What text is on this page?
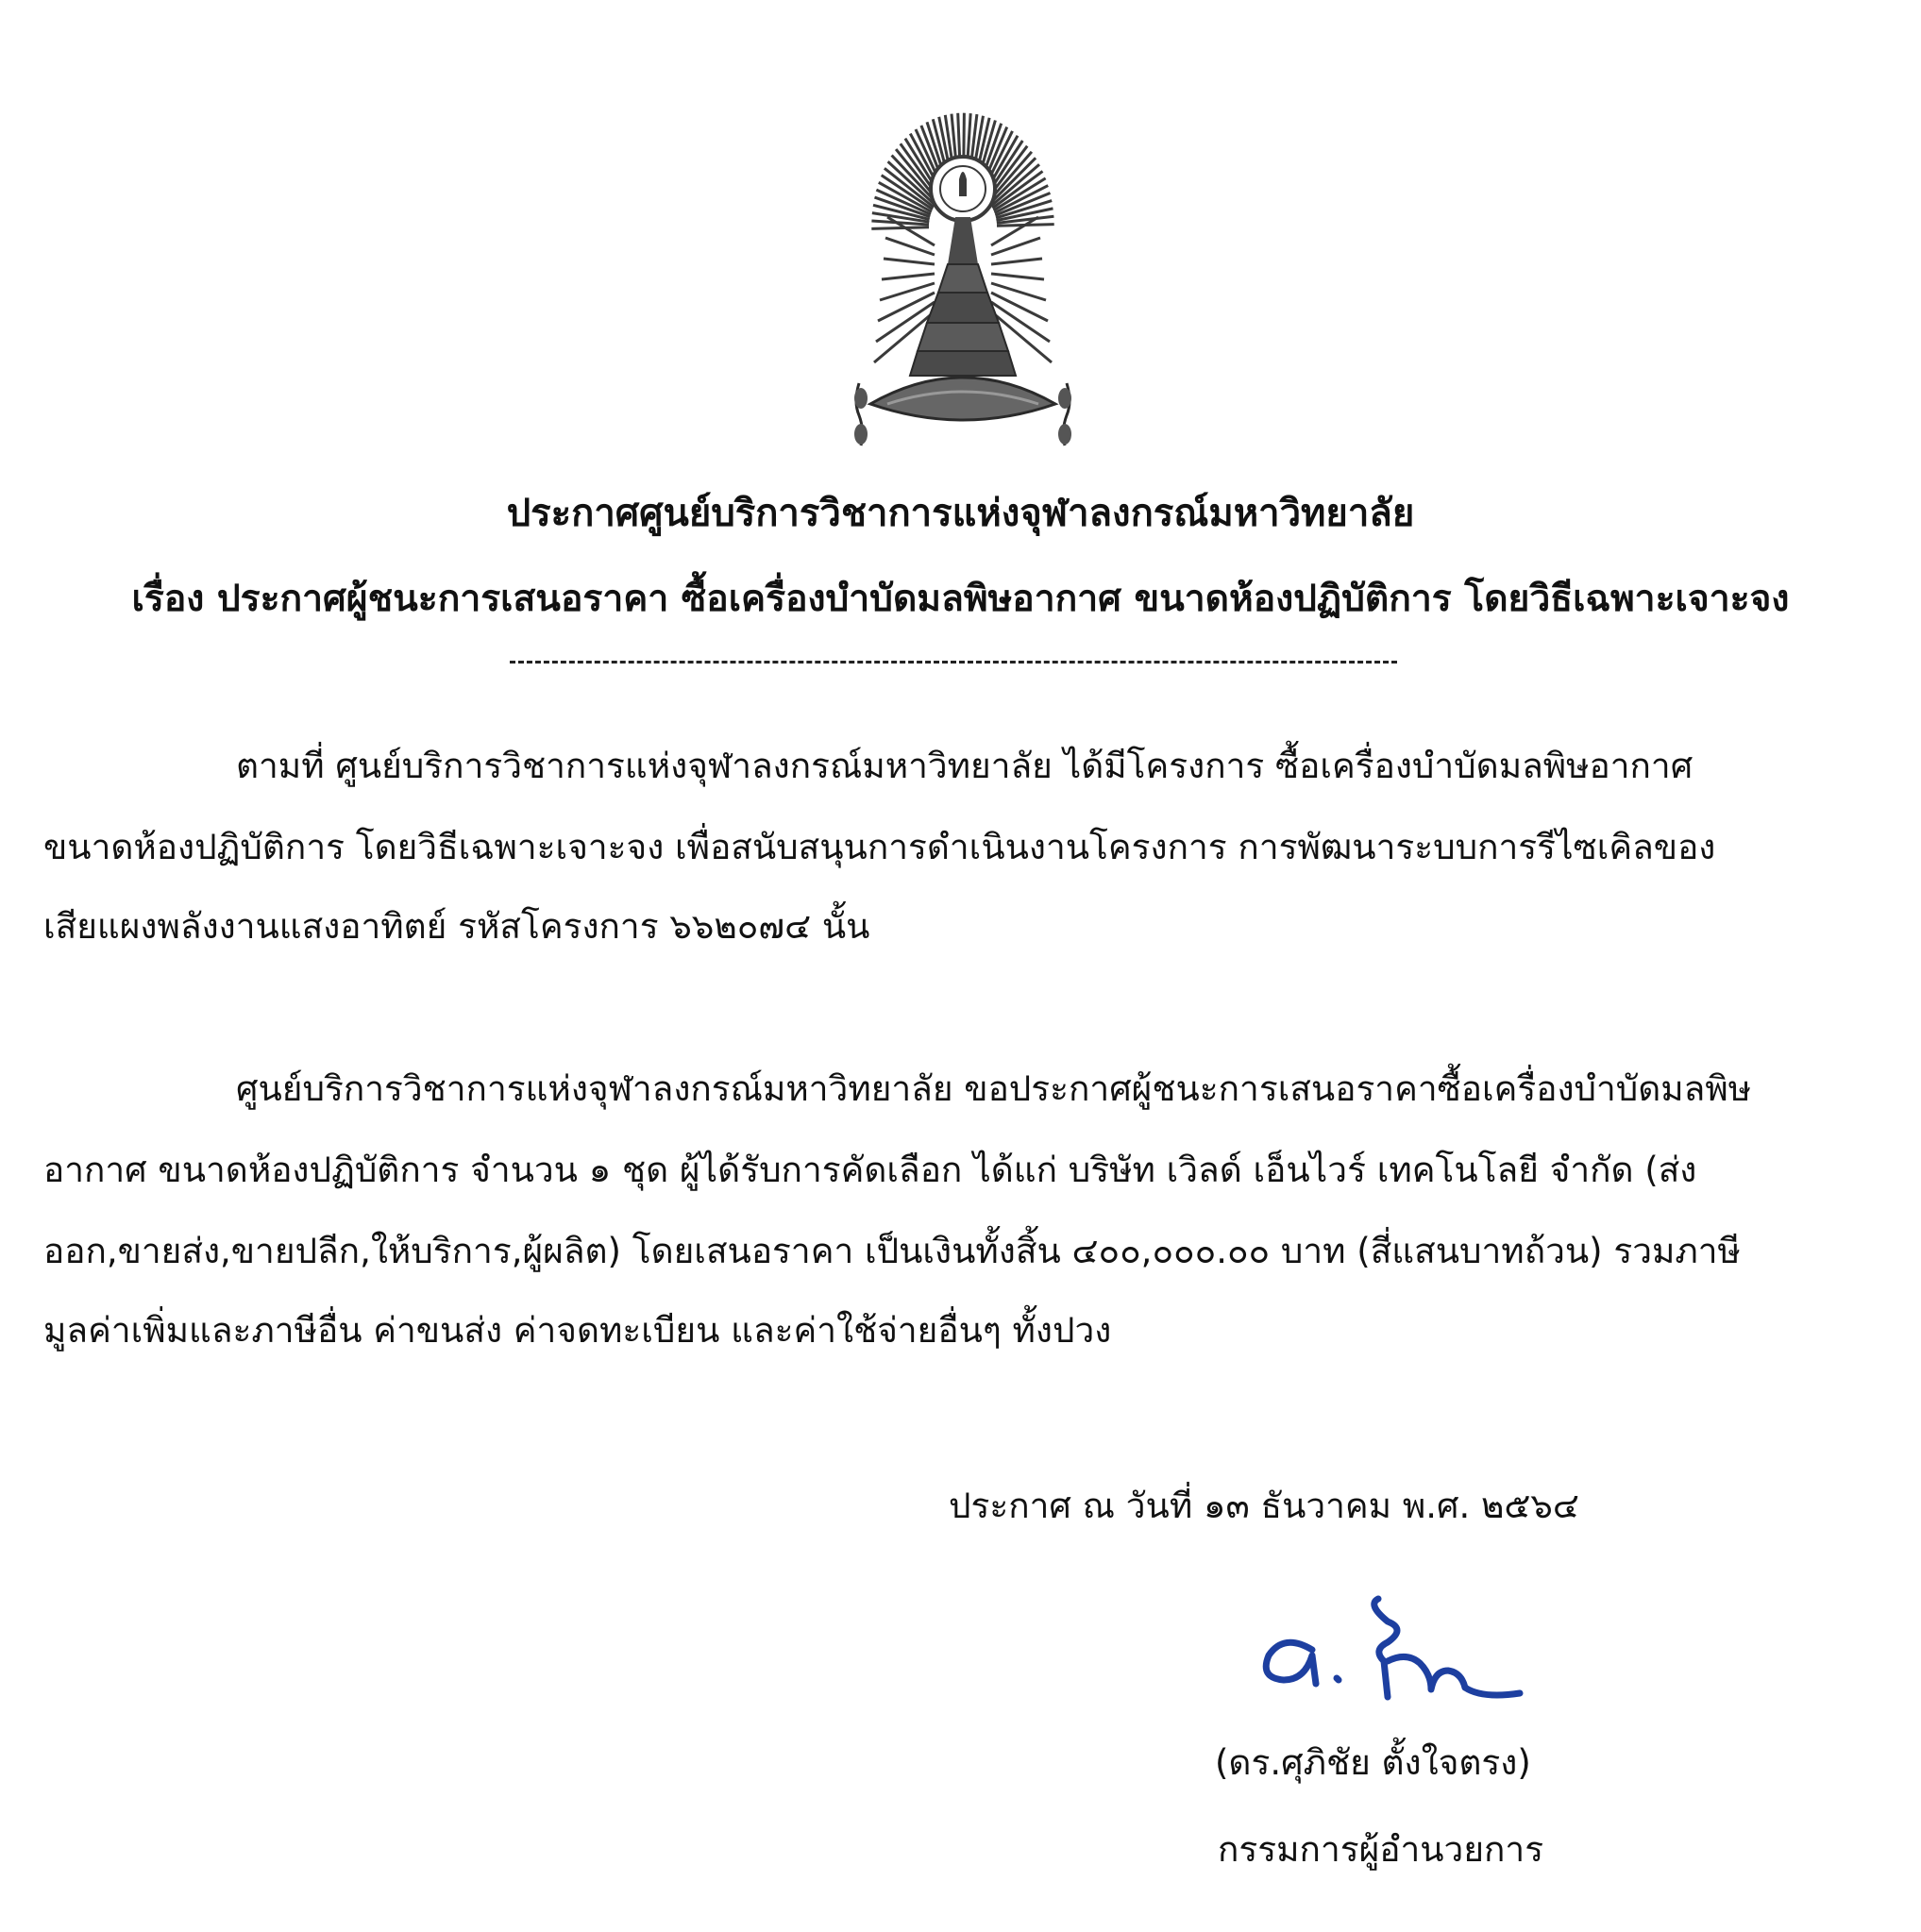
ประกาศศูนย์บริการวิชาการแห่งจุฬาลงกรณ์มหาวิทยาลัย
เรื่อง ประกาศผู้ชนะการเสนอราคา ซื้อเครื่องบำบัดมลพิษอากาศ ขนาดห้องปฏิบัติการ โดยวิธีเฉพาะเจาะจง
ตามที่ ศูนย์บริการวิชาการแห่งจุฬาลงกรณ์มหาวิทยาลัย ได้มีโครงการ ซื้อเครื่องบำบัดมลพิษอากาศ
ขนาดห้องปฏิบัติการ โดยวิธีเฉพาะเจาะจง เพื่อสนับสนุนการดำเนินงานโครงการ การพัฒนาระบบการรีไซเคิลของ
เสียแผงพลังงานแสงอาทิตย์ รหัสโครงการ ๖๖๒๐๗๔ นั้น
ศูนย์บริการวิชาการแห่งจุฬาลงกรณ์มหาวิทยาลัย ขอประกาศผู้ชนะการเสนอราคาซื้อเครื่องบำบัดมลพิษ
อากาศ ขนาดห้องปฏิบัติการ จำนวน ๑ ชุด ผู้ได้รับการคัดเลือก ได้แก่ บริษัท เวิลด์ เอ็นไวร์ เทคโนโลยี จำกัด (ส่ง
ออก,ขายส่ง,ขายปลีก,ให้บริการ,ผู้ผลิต) โดยเสนอราคา เป็นเงินทั้งสิ้น ๔๐๐,๐๐๐.๐๐ บาท (สี่แสนบาทถ้วน) รวมภาษี
มูลค่าเพิ่มและภาษีอื่น ค่าขนส่ง ค่าจดทะเบียน และค่าใช้จ่ายอื่นๆ ทั้งปวง
ประกาศ ณ วันที่ ๑๓ ธันวาคม พ.ศ. ๒๕๖๔
(ดร.ศุภิชัย ตั้งใจตรง)
กรรมการผู้อำนวยการ
